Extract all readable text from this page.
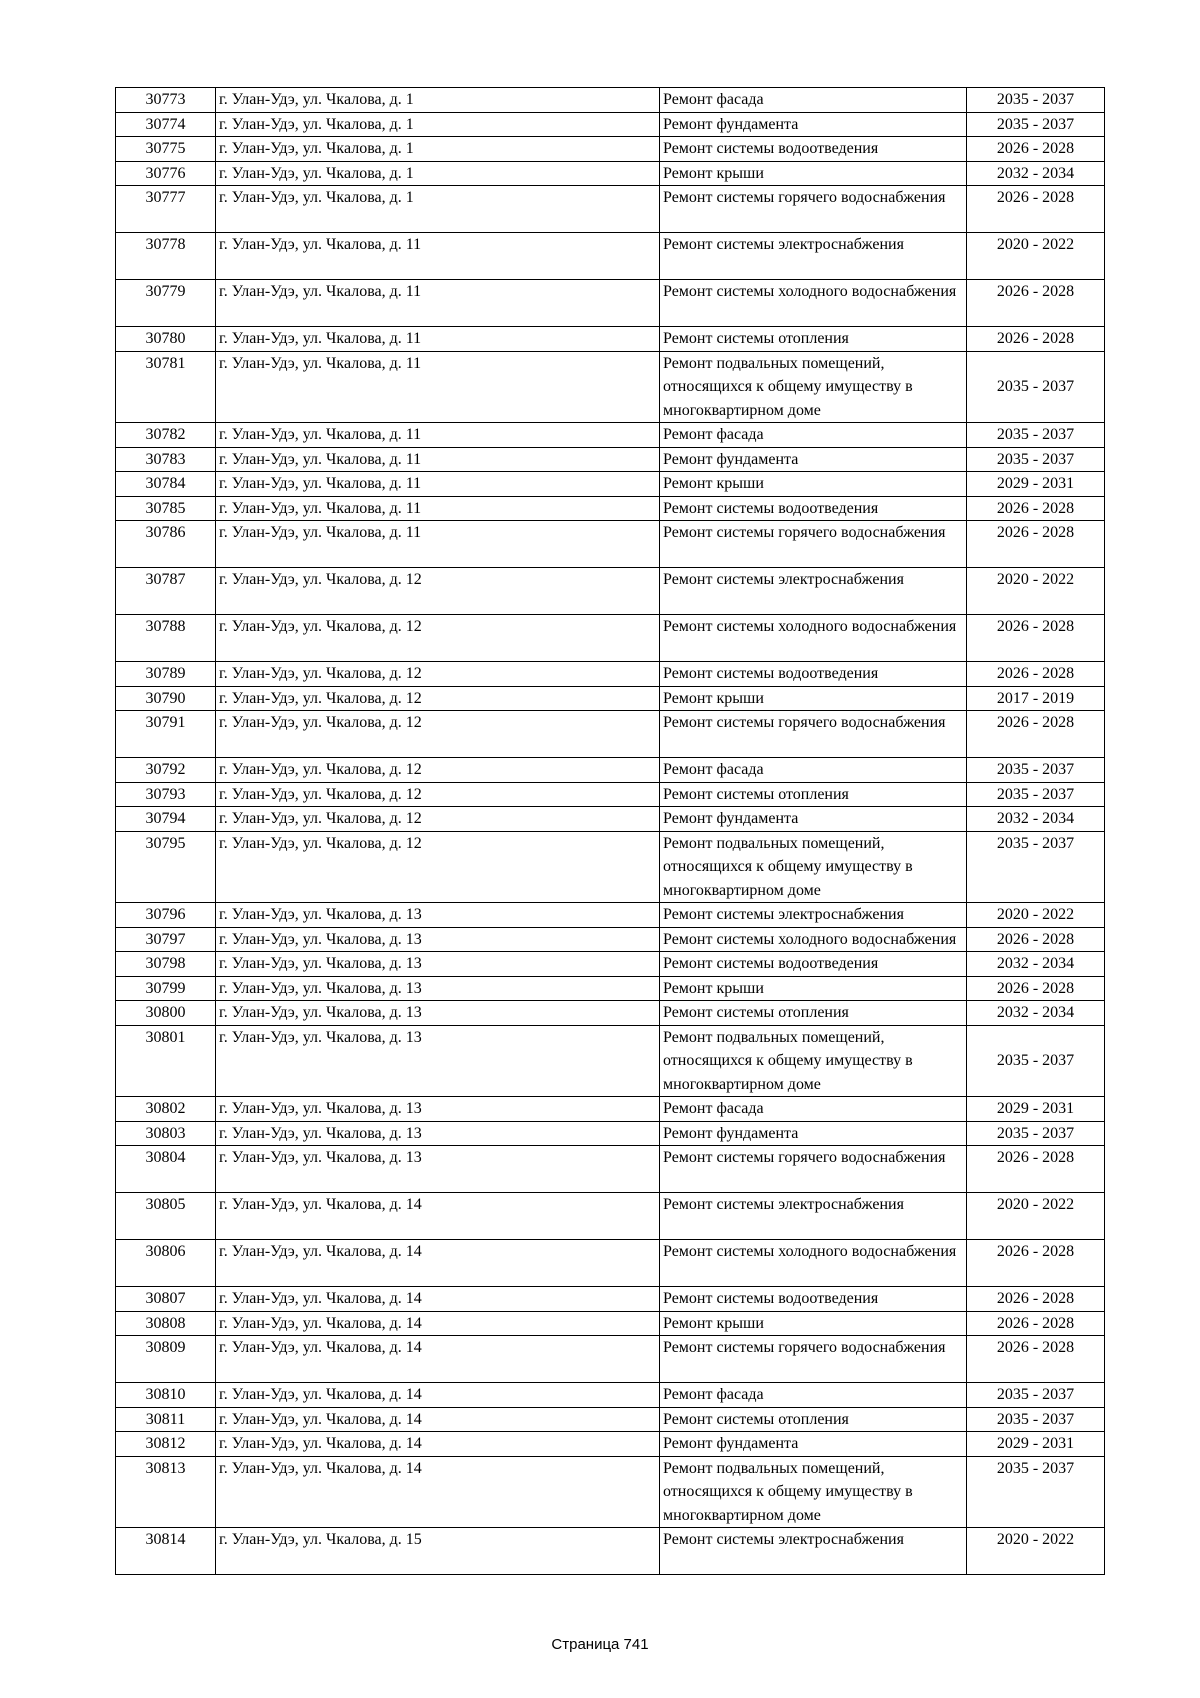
30773	г. Улан-Удэ, ул. Чкалова, д. 1	Ремонт фасада	2035 - 2037
30774	г. Улан-Удэ, ул. Чкалова, д. 1	Ремонт фундамента	2035 - 2037
30775	г. Улан-Удэ, ул. Чкалова, д. 1	Ремонт системы водоотведения	2026 - 2028
30776	г. Улан-Удэ, ул. Чкалова, д. 1	Ремонт крыши	2032 - 2034
30777	г. Улан-Удэ, ул. Чкалова, д. 1	Ремонт системы горячего водоснабжения	2026 - 2028
30778	г. Улан-Удэ, ул. Чкалова, д. 11	Ремонт системы электроснабжения	2020 - 2022
30779	г. Улан-Удэ, ул. Чкалова, д. 11	Ремонт системы холодного водоснабжения	2026 - 2028
30780	г. Улан-Удэ, ул. Чкалова, д. 11	Ремонт системы отопления	2026 - 2028
30781	г. Улан-Удэ, ул. Чкалова, д. 11	Ремонт подвальных помещений, относящихся к общему имуществу в многоквартирном доме	2035 - 2037
30782	г. Улан-Удэ, ул. Чкалова, д. 11	Ремонт фасада	2035 - 2037
30783	г. Улан-Удэ, ул. Чкалова, д. 11	Ремонт фундамента	2035 - 2037
30784	г. Улан-Удэ, ул. Чкалова, д. 11	Ремонт крыши	2029 - 2031
30785	г. Улан-Удэ, ул. Чкалова, д. 11	Ремонт системы водоотведения	2026 - 2028
30786	г. Улан-Удэ, ул. Чкалова, д. 11	Ремонт системы горячего водоснабжения	2026 - 2028
30787	г. Улан-Удэ, ул. Чкалова, д. 12	Ремонт системы электроснабжения	2020 - 2022
30788	г. Улан-Удэ, ул. Чкалова, д. 12	Ремонт системы холодного водоснабжения	2026 - 2028
30789	г. Улан-Удэ, ул. Чкалова, д. 12	Ремонт системы водоотведения	2026 - 2028
30790	г. Улан-Удэ, ул. Чкалова, д. 12	Ремонт крыши	2017 - 2019
30791	г. Улан-Удэ, ул. Чкалова, д. 12	Ремонт системы горячего водоснабжения	2026 - 2028
30792	г. Улан-Удэ, ул. Чкалова, д. 12	Ремонт фасада	2035 - 2037
30793	г. Улан-Удэ, ул. Чкалова, д. 12	Ремонт системы отопления	2035 - 2037
30794	г. Улан-Удэ, ул. Чкалова, д. 12	Ремонт фундамента	2032 - 2034
30795	г. Улан-Удэ, ул. Чкалова, д. 12	Ремонт подвальных помещений, относящихся к общему имуществу в многоквартирном доме	2035 - 2037
30796	г. Улан-Удэ, ул. Чкалова, д. 13	Ремонт системы электроснабжения	2020 - 2022
30797	г. Улан-Удэ, ул. Чкалова, д. 13	Ремонт системы холодного водоснабжения	2026 - 2028
30798	г. Улан-Удэ, ул. Чкалова, д. 13	Ремонт системы водоотведения	2032 - 2034
30799	г. Улан-Удэ, ул. Чкалова, д. 13	Ремонт крыши	2026 - 2028
30800	г. Улан-Удэ, ул. Чкалова, д. 13	Ремонт системы отопления	2032 - 2034
30801	г. Улан-Удэ, ул. Чкалова, д. 13	Ремонт подвальных помещений, относящихся к общему имуществу в многоквартирном доме	2035 - 2037
30802	г. Улан-Удэ, ул. Чкалова, д. 13	Ремонт фасада	2029 - 2031
30803	г. Улан-Удэ, ул. Чкалова, д. 13	Ремонт фундамента	2035 - 2037
30804	г. Улан-Удэ, ул. Чкалова, д. 13	Ремонт системы горячего водоснабжения	2026 - 2028
30805	г. Улан-Удэ, ул. Чкалова, д. 14	Ремонт системы электроснабжения	2020 - 2022
30806	г. Улан-Удэ, ул. Чкалова, д. 14	Ремонт системы холодного водоснабжения	2026 - 2028
30807	г. Улан-Удэ, ул. Чкалова, д. 14	Ремонт системы водоотведения	2026 - 2028
30808	г. Улан-Удэ, ул. Чкалова, д. 14	Ремонт крыши	2026 - 2028
30809	г. Улан-Удэ, ул. Чкалова, д. 14	Ремонт системы горячего водоснабжения	2026 - 2028
30810	г. Улан-Удэ, ул. Чкалова, д. 14	Ремонт фасада	2035 - 2037
30811	г. Улан-Удэ, ул. Чкалова, д. 14	Ремонт системы отопления	2035 - 2037
30812	г. Улан-Удэ, ул. Чкалова, д. 14	Ремонт фундамента	2029 - 2031
30813	г. Улан-Удэ, ул. Чкалова, д. 14	Ремонт подвальных помещений, относящихся к общему имуществу в многоквартирном доме	2035 - 2037
30814	г. Улан-Удэ, ул. Чкалова, д. 15	Ремонт системы электроснабжения	2020 - 2022
Страница 741
